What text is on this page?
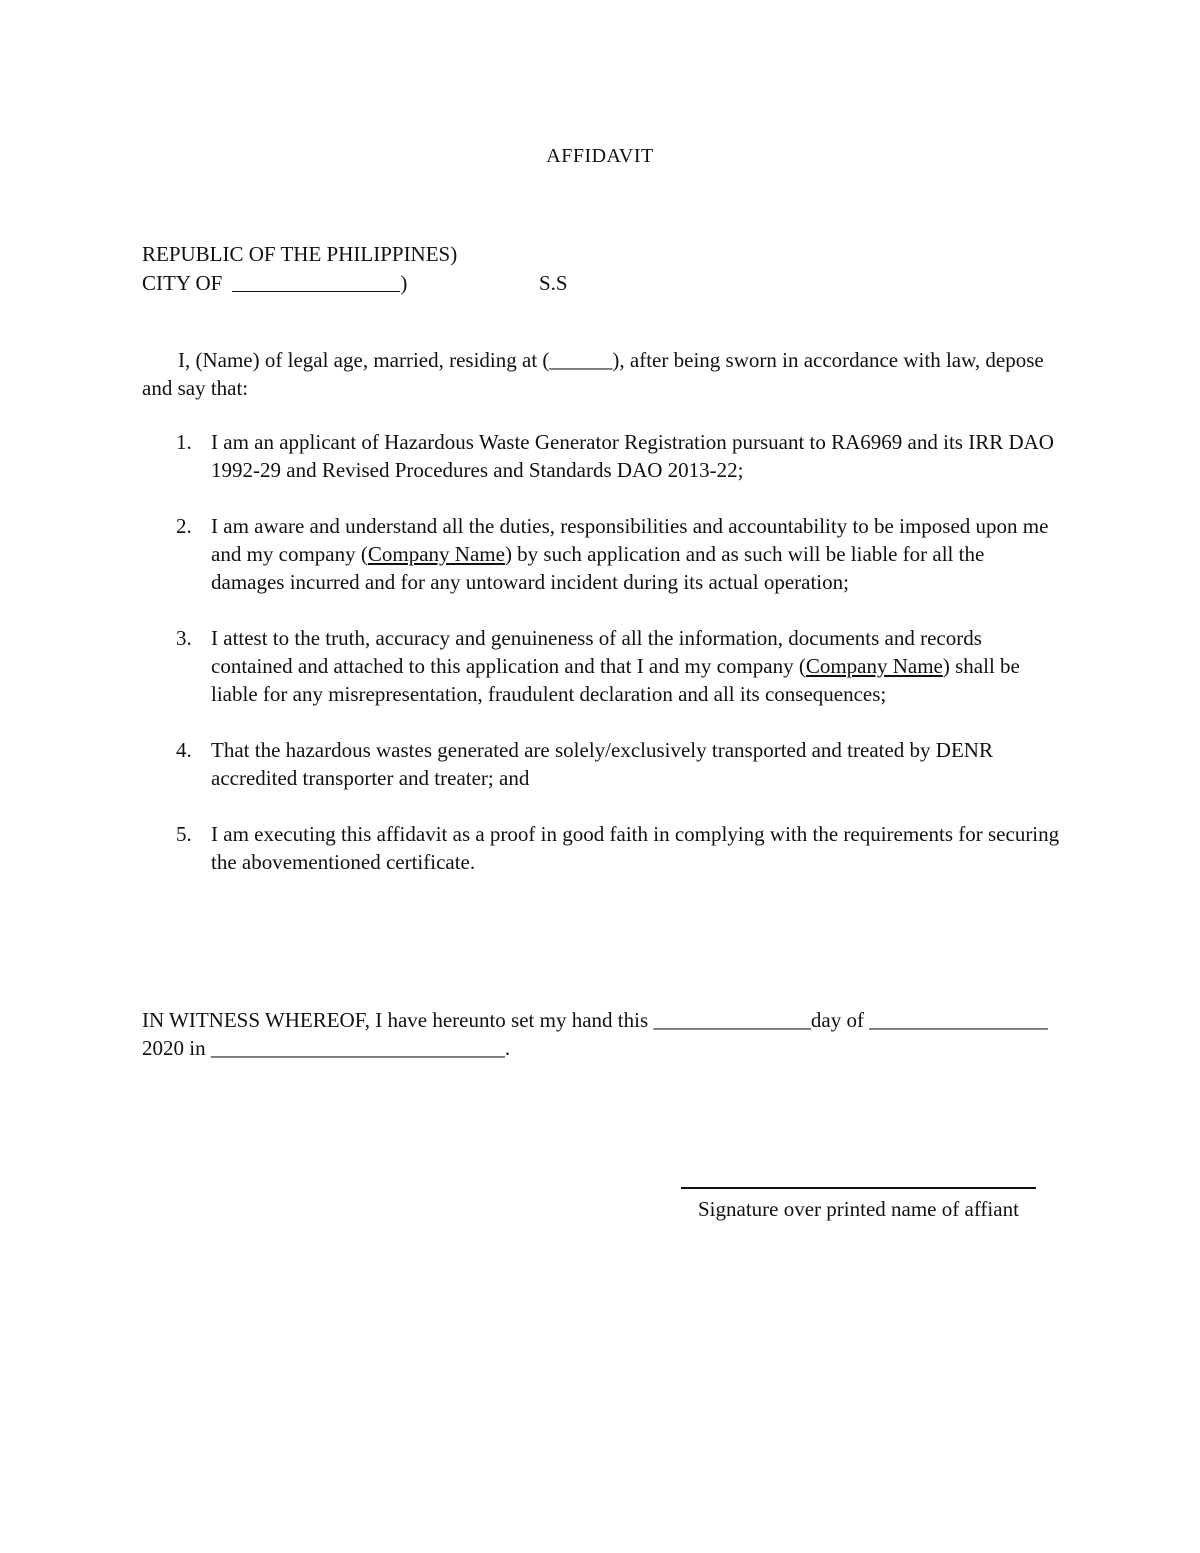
AFFIDAVIT
REPUBLIC OF THE PHILIPPINES)
CITY OF	)	S.S

I, (Name) of legal age, married, residing at (______), after being sworn in accordance with law, depose and say that:

1. I am an applicant of Hazardous Waste Generator Registration pursuant to RA6969 and its IRR DAO 1992-29 and Revised Procedures and Standards DAO 2013-22;
2. I am aware and understand all the duties, responsibilities and accountability to be imposed upon me and my company (Company Name) by such application and as such will be liable for all the damages incurred and for any untoward incident during its actual operation;
3. I attest to the truth, accuracy and genuineness of all the information, documents and records contained and attached to this application and that I and my company (Company Name) shall be liable for any misrepresentation, fraudulent declaration and all its consequences;
4. That the hazardous wastes generated are solely/exclusively transported and treated by DENR accredited transporter and treater; and
5. I am executing this affidavit as a proof in good faith in complying with the requirements for securing the abovementioned certificate.
IN WITNESS WHEREOF, I have hereunto set my hand this _______________day of _________________ 2020 in ____________________________.
Signature over printed name of affiant
